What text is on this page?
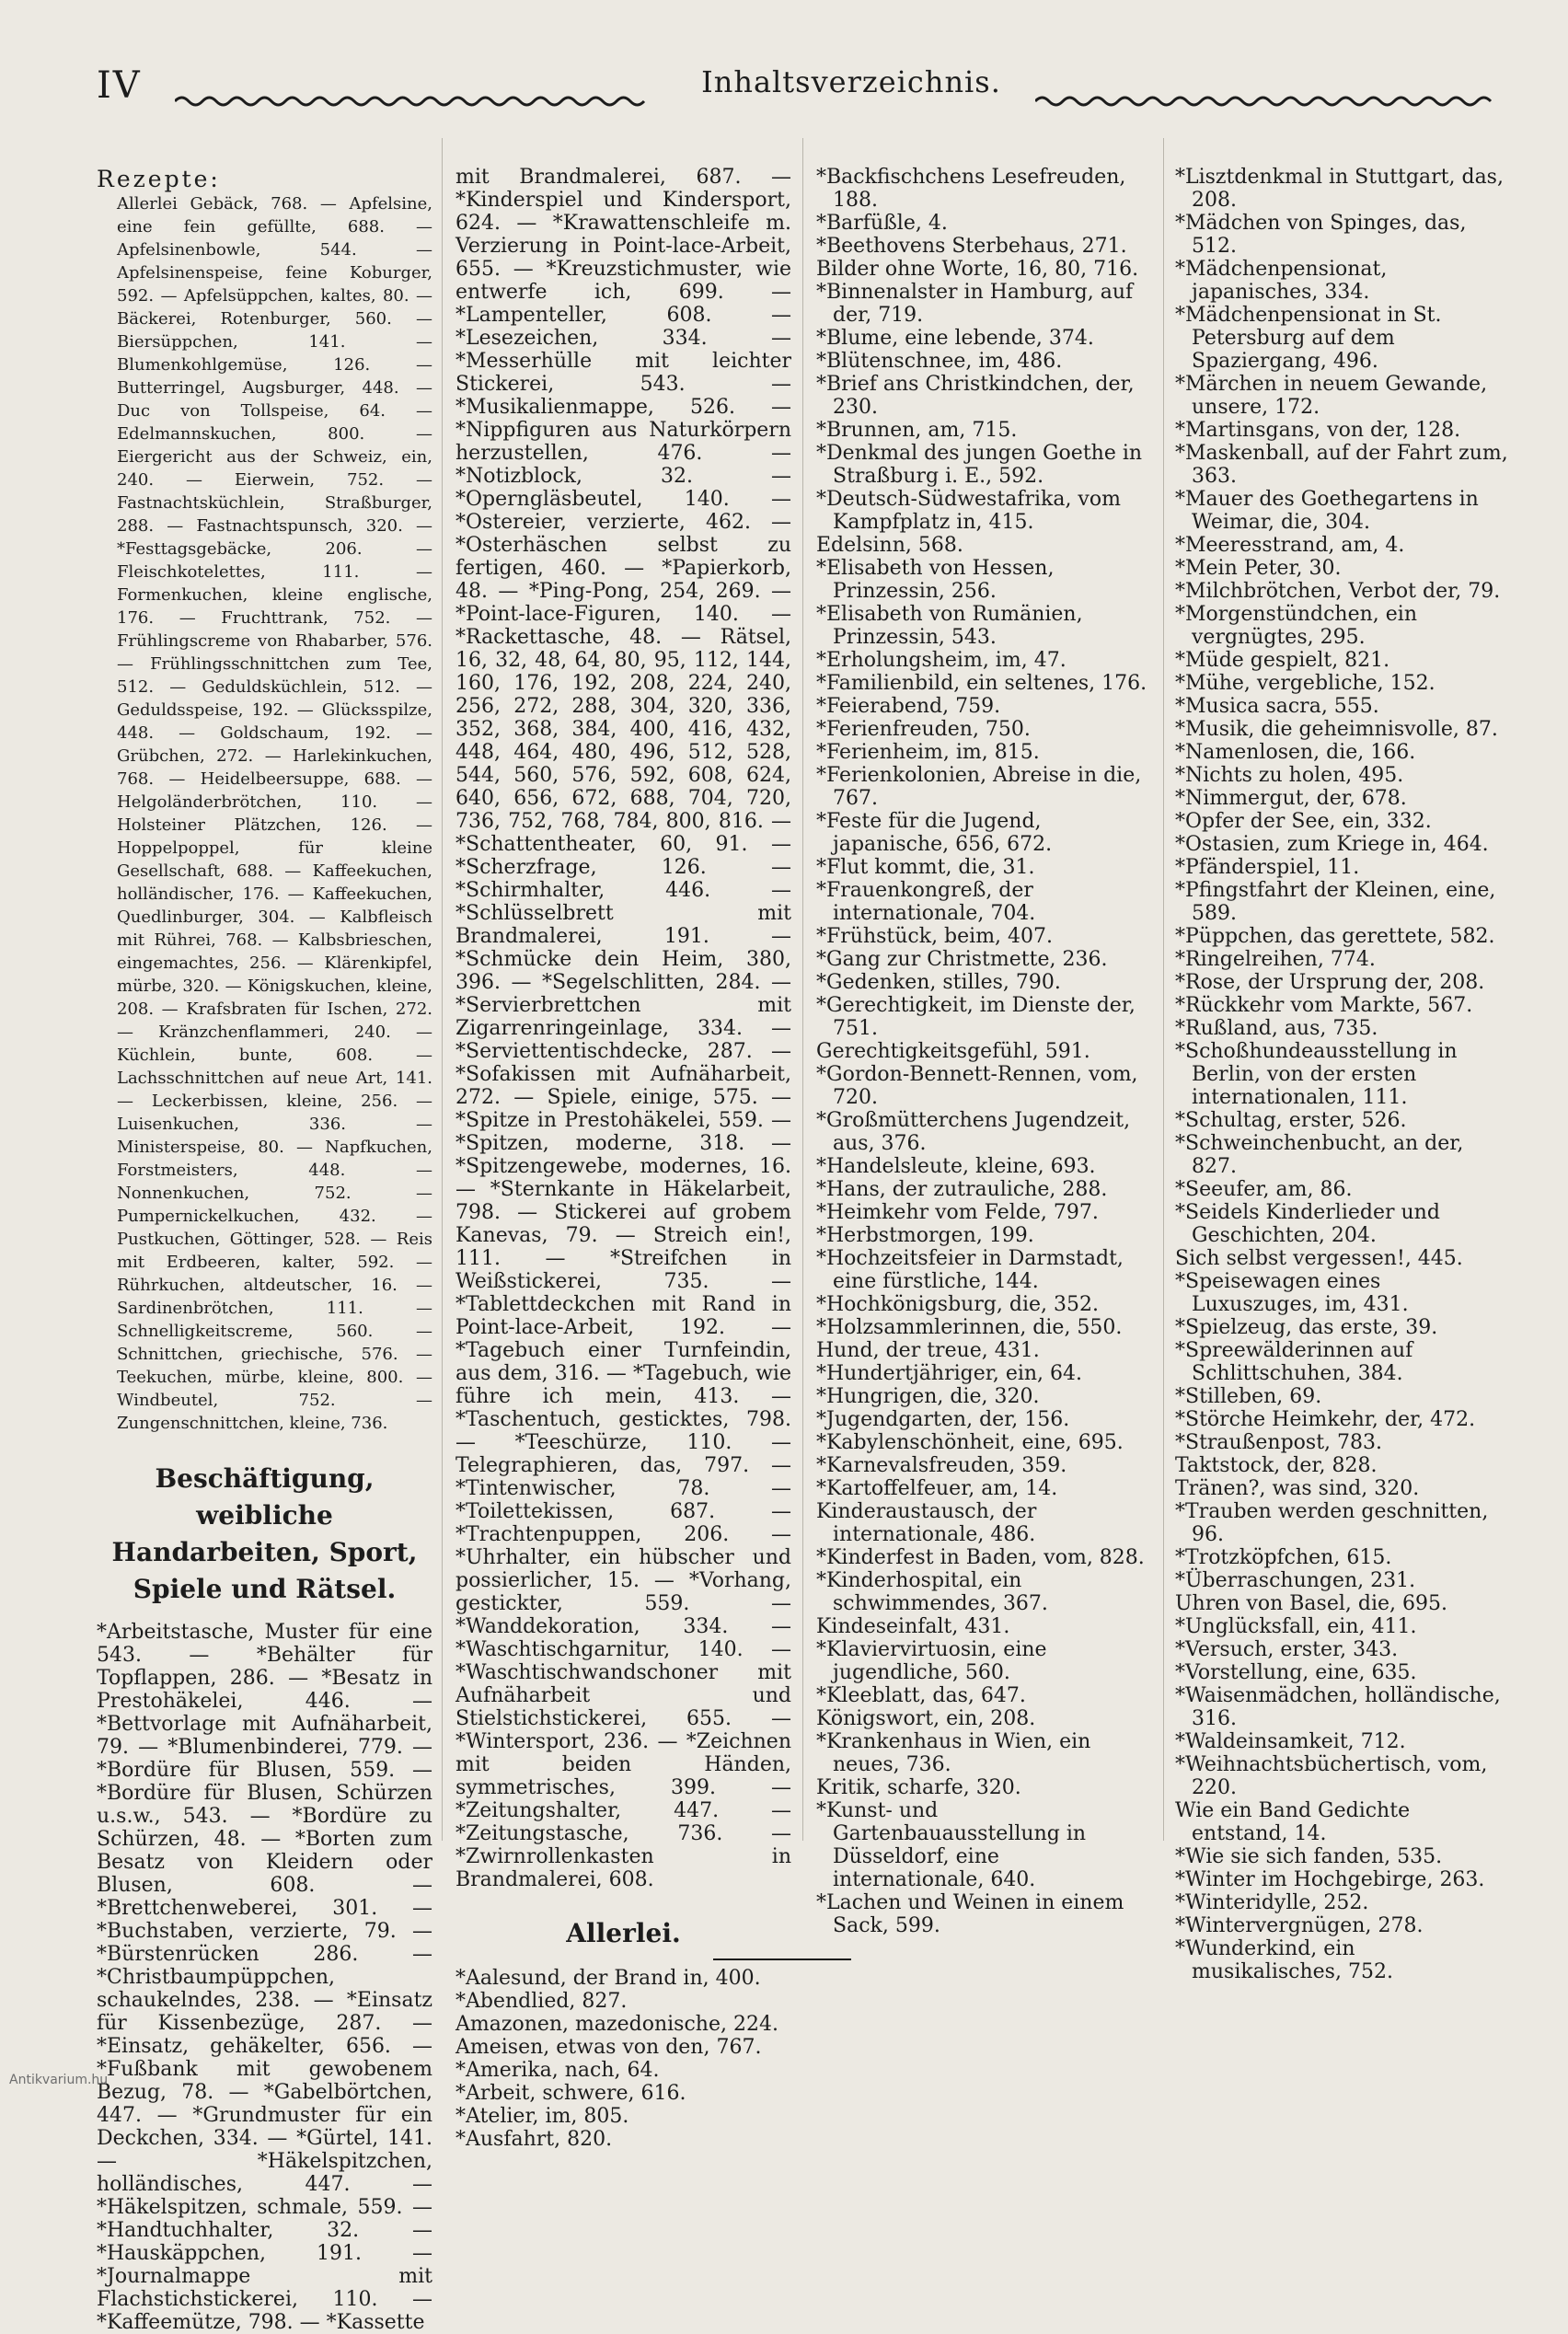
IV	Inhaltsverzeichnis.

Rezepte:

Allerlei Gebäck, 768. — Apfelsine, eine fein gefüllte, 688. — Apfelsinenbowle, 544. — Apfelsinenspeise, feine Koburger, 592. — Apfelsüppchen, kaltes, 80. — Bäckerei, Rotenburger, 560. — Biersüppchen, 141. — Blumenkohlgemüse, 126. — Butterringel, Augsburger, 448. — Duc von Tollspeise, 64. — Edelmannskuchen, 800. — Eiergericht aus der Schweiz, ein, 240. — Eierwein, 752. — Fastnachtsküchlein, Straßburger, 288. — Fastnachtspunsch, 320. — *Festtagsgebäcke, 206. — Fleischkotelettes, 111. — Formenkuchen, kleine englische, 176. — Fruchttrank, 752. — Frühlingscreme von Rhabarber, 576. — Frühlingsschnittchen zum Tee, 512. — Geduldsküchlein, 512. — Geduldsspeise, 192. — Glücksspilze, 448. — Goldschaum, 192. — Grübchen, 272. — Harlekinkuchen, 768. — Heidelbeersuppe, 688. — Helgoländerbrötchen, 110. — Holsteiner Plätzchen, 126. — Hoppelpoppel, für kleine Gesellschaft, 688. — Kaffeekuchen, holländischer, 176. — Kaffeekuchen, Quedlinburger, 304. — Kalbfleisch mit Rührei, 768. — Kalbsbrieschen, eingemachtes, 256. — Klärenkipfel, mürbe, 320. — Königskuchen, kleine, 208. — Krafsbraten für Ischen, 272. — Kränzchenflammeri, 240. — Küchlein, bunte, 608. — Lachsschnittchen auf neue Art, 141. — Leckerbissen, kleine, 256. — Luisenkuchen, 336. — Ministerspeise, 80. — Napfkuchen, Forstmeisters, 448. — Nonnenkuchen, 752. — Pumpernickelkuchen, 432. — Pustkuchen, Göttinger, 528. — Reis mit Erdbeeren, kalter, 592. — Rührkuchen, altdeutscher, 16. — Sardinenbrötchen, 111. — Schnelligkeitscreme, 560. — Schnittchen, griechische, 576. — Teekuchen, mürbe, kleine, 800. — Windbeutel, 752. — Zungenschnittchen, kleine, 736.

Beschäftigung, weibliche Handarbeiten, Sport, Spiele und Rätsel.

*Arbeitstasche, Muster für eine 543. — *Behälter für Topflappen, 286. — *Besatz in Prestohäkelei, 446. — *Bettvorlage mit Aufnäharbeit, 79. — *Blumenbinderei, 779. — *Bordüre für Blusen, 559. — *Bordüre für Blusen, Schürzen u.s.w., 543. — *Bordüre zu Schürzen, 48. — *Borten zum Besatz von Kleidern oder Blusen, 608. — *Brettchenweberei, 301. — *Buchstaben, verzierte, 79. — *Bürstenrücken 286. — *Christbaumpüppchen, schaukelndes, 238. — *Einsatz für Kissenbezüge, 287. — *Einsatz, gehäkelter, 656. — *Fußbank mit gewobenem Bezug, 78. — *Gabelbörtchen, 447. — *Grundmuster für ein Deckchen, 334. — *Gürtel, 141. — *Häkelspitzchen, holländisches, 447. — *Häkelspitzen, schmale, 559. — *Handtuchhalter, 32. — *Hauskäppchen, 191. — *Journalmappe mit Flachstichstickerei, 110. — *Kaffeemütze, 798. — *Kassette

mit Brandmalerei, 687. — *Kinderspiel und Kindersport, 624. — *Krawattenschleife m. Verzierung in Point-lace-Arbeit, 655. — *Kreuzstichmuster, wie entwerfe ich, 699. — *Lampenteller, 608. — *Lesezeichen, 334. — *Messerhülle mit leichter Stickerei, 543. — *Musikalienmappe, 526. — *Nippfiguren aus Naturkörpern herzustellen, 476. — *Notizblock, 32. — *Operngläsbeutel, 140. — *Ostereier, verzierte, 462. — *Osterhäschen selbst zu fertigen, 460. — *Papierkorb, 48. — *Ping-Pong, 254, 269. — *Point-lace-Figuren, 140. — *Rackettasche, 48. — Rätsel, 16, 32, 48, 64, 80, 95, 112, 144, 160, 176, 192, 208, 224, 240, 256, 272, 288, 304, 320, 336, 352, 368, 384, 400, 416, 432, 448, 464, 480, 496, 512, 528, 544, 560, 576, 592, 608, 624, 640, 656, 672, 688, 704, 720, 736, 752, 768, 784, 800, 816. — *Schattentheater, 60, 91. — *Scherzfrage, 126. — *Schirmhalter, 446. — *Schlüsselbrett mit Brandmalerei, 191. — *Schmücke dein Heim, 380, 396. — *Segelschlitten, 284. — *Servierbrettchen mit Zigarrenringeinlage, 334. — *Serviettentischdecke, 287. — *Sofakissen mit Aufnäharbeit, 272. — Spiele, einige, 575. — *Spitze in Prestohäkelei, 559. — *Spitzen, moderne, 318. — *Spitzengewebe, modernes, 16. — *Sternkante in Häkelarbeit, 798. — Stickerei auf grobem Kanevas, 79. — Streich ein!, 111. — *Streifchen in Weißstickerei, 735. — *Tablettdeckchen mit Rand in Point-lace-Arbeit, 192. — *Tagebuch einer Turnfeindin, aus dem, 316. — *Tagebuch, wie führe ich mein, 413. — *Taschentuch, gesticktes, 798. — *Teeschürze, 110. — Telegraphieren, das, 797. — *Tintenwischer, 78. — *Toilettekissen, 687. — *Trachtenpuppen, 206. — *Uhrhalter, ein hübscher und possierlicher, 15. — *Vorhang, gestickter, 559. — *Wanddekoration, 334. — *Waschtischgarnitur, 140. — *Waschtischwandschoner mit Aufnäharbeit und Stielstichstickerei, 655. — *Wintersport, 236. — *Zeichnen mit beiden Händen, symmetrisches, 399. — *Zeitungshalter, 447. — *Zeitungstasche, 736. — *Zwirnrollenkasten in Brandmalerei, 608.

Allerlei.

*Aalesund, der Brand in, 400.

*Abendlied, 827.

Amazonen, mazedonische, 224.

Ameisen, etwas von den, 767.

*Amerika, nach, 64.

*Arbeit, schwere, 616.

*Atelier, im, 805.

*Ausfahrt, 820.

*Backfischchens Lesefreuden, 188.

*Barfüßle, 4.

*Beethovens Sterbehaus, 271.

Bilder ohne Worte, 16, 80, 716.

*Binnenalster in Hamburg, auf der, 719.

*Blume, eine lebende, 374.

*Blütenschnee, im, 486.

*Brief ans Christkindchen, der, 230.

*Brunnen, am, 715.

*Denkmal des jungen Goethe in Straßburg i. E., 592.

*Deutsch-Südwestafrika, vom Kampfplatz in, 415.

Edelsinn, 568.

*Elisabeth von Hessen, Prinzessin, 256.

*Elisabeth von Rumänien, Prinzessin, 543.

*Erholungsheim, im, 47.

*Familienbild, ein seltenes, 176.

*Feierabend, 759.

*Ferienfreuden, 750.

*Ferienheim, im, 815.

*Ferienkolonien, Abreise in die, 767.

*Feste für die Jugend, japanische, 656, 672.

*Flut kommt, die, 31.

*Frauenkongreß, der internationale, 704.

*Frühstück, beim, 407.

*Gang zur Christmette, 236.

*Gedenken, stilles, 790.

*Gerechtigkeit, im Dienste der, 751.

Gerechtigkeitsgefühl, 591.

*Gordon-Bennett-Rennen, vom, 720.

*Großmütterchens Jugendzeit, aus, 376.

*Handelsleute, kleine, 693.

*Hans, der zutrauliche, 288.

*Heimkehr vom Felde, 797.

*Herbstmorgen, 199.

*Hochzeitsfeier in Darmstadt, eine fürstliche, 144.

*Hochkönigsburg, die, 352.

*Holzsammlerinnen, die, 550.

Hund, der treue, 431.

*Hundertjähriger, ein, 64.

*Hungrigen, die, 320.

*Jugendgarten, der, 156.

*Kabylenschönheit, eine, 695.

*Karnevalsfreuden, 359.

*Kartoffelfeuer, am, 14.

Kinderaustausch, der internationale, 486.

*Kinderfest in Baden, vom, 828.

*Kinderhospital, ein schwimmendes, 367.

Kindeseinfalt, 431.

*Klaviervirtuosin, eine jugendliche, 560.

*Kleeblatt, das, 647.

Königswort, ein, 208.

*Krankenhaus in Wien, ein neues, 736.

Kritik, scharfe, 320.

*Kunst- und Gartenbauausstellung in Düsseldorf, eine internationale, 640.

*Lachen und Weinen in einem Sack, 599.

*Lisztdenkmal in Stuttgart, das, 208.

*Mädchen von Spinges, das, 512.

*Mädchenpensionat, japanisches, 334.

*Mädchenpensionat in St. Petersburg auf dem Spaziergang, 496.

*Märchen in neuem Gewande, unsere, 172.

*Martinsgans, von der, 128.

*Maskenball, auf der Fahrt zum, 363.

*Mauer des Goethegartens in Weimar, die, 304.

*Meeresstrand, am, 4.

*Mein Peter, 30.

*Milchbrötchen, Verbot der, 79.

*Morgenstündchen, ein vergnügtes, 295.

*Müde gespielt, 821.

*Mühe, vergebliche, 152.

*Musica sacra, 555.

*Musik, die geheimnisvolle, 87.

*Namenlosen, die, 166.

*Nichts zu holen, 495.

*Nimmergut, der, 678.

*Opfer der See, ein, 332.

*Ostasien, zum Kriege in, 464.

*Pfänderspiel, 11.

*Pfingstfahrt der Kleinen, eine, 589.

*Püppchen, das gerettete, 582.

*Ringelreihen, 774.

*Rose, der Ursprung der, 208.

*Rückkehr vom Markte, 567.

*Rußland, aus, 735.

*Schoßhundeausstellung in Berlin, von der ersten internationalen, 111.

*Schultag, erster, 526.

*Schweinchenbucht, an der, 827.

*Seeufer, am, 86.

*Seidels Kinderlieder und Geschichten, 204.

Sich selbst vergessen!, 445.

*Speisewagen eines Luxuszuges, im, 431.

*Spielzeug, das erste, 39.

*Spreewälderinnen auf Schlittschuhen, 384.

*Stilleben, 69.

*Störche Heimkehr, der, 472.

*Straußenpost, 783.

Taktstock, der, 828.

Tränen?, was sind, 320.

*Trauben werden geschnitten, 96.

*Trotzköpfchen, 615.

*Überraschungen, 231.

Uhren von Basel, die, 695.

*Unglücksfall, ein, 411.

*Versuch, erster, 343.

*Vorstellung, eine, 635.

*Waisenmädchen, holländische, 316.

*Waldeinsamkeit, 712.

*Weihnachtsbüchertisch, vom, 220.

Wie ein Band Gedichte entstand, 14.

*Wie sie sich fanden, 535.

*Winter im Hochgebirge, 263.

*Winteridylle, 252.

*Wintervergnügen, 278.

*Wunderkind, ein musikalisches, 752.

Antikvarium.hu
